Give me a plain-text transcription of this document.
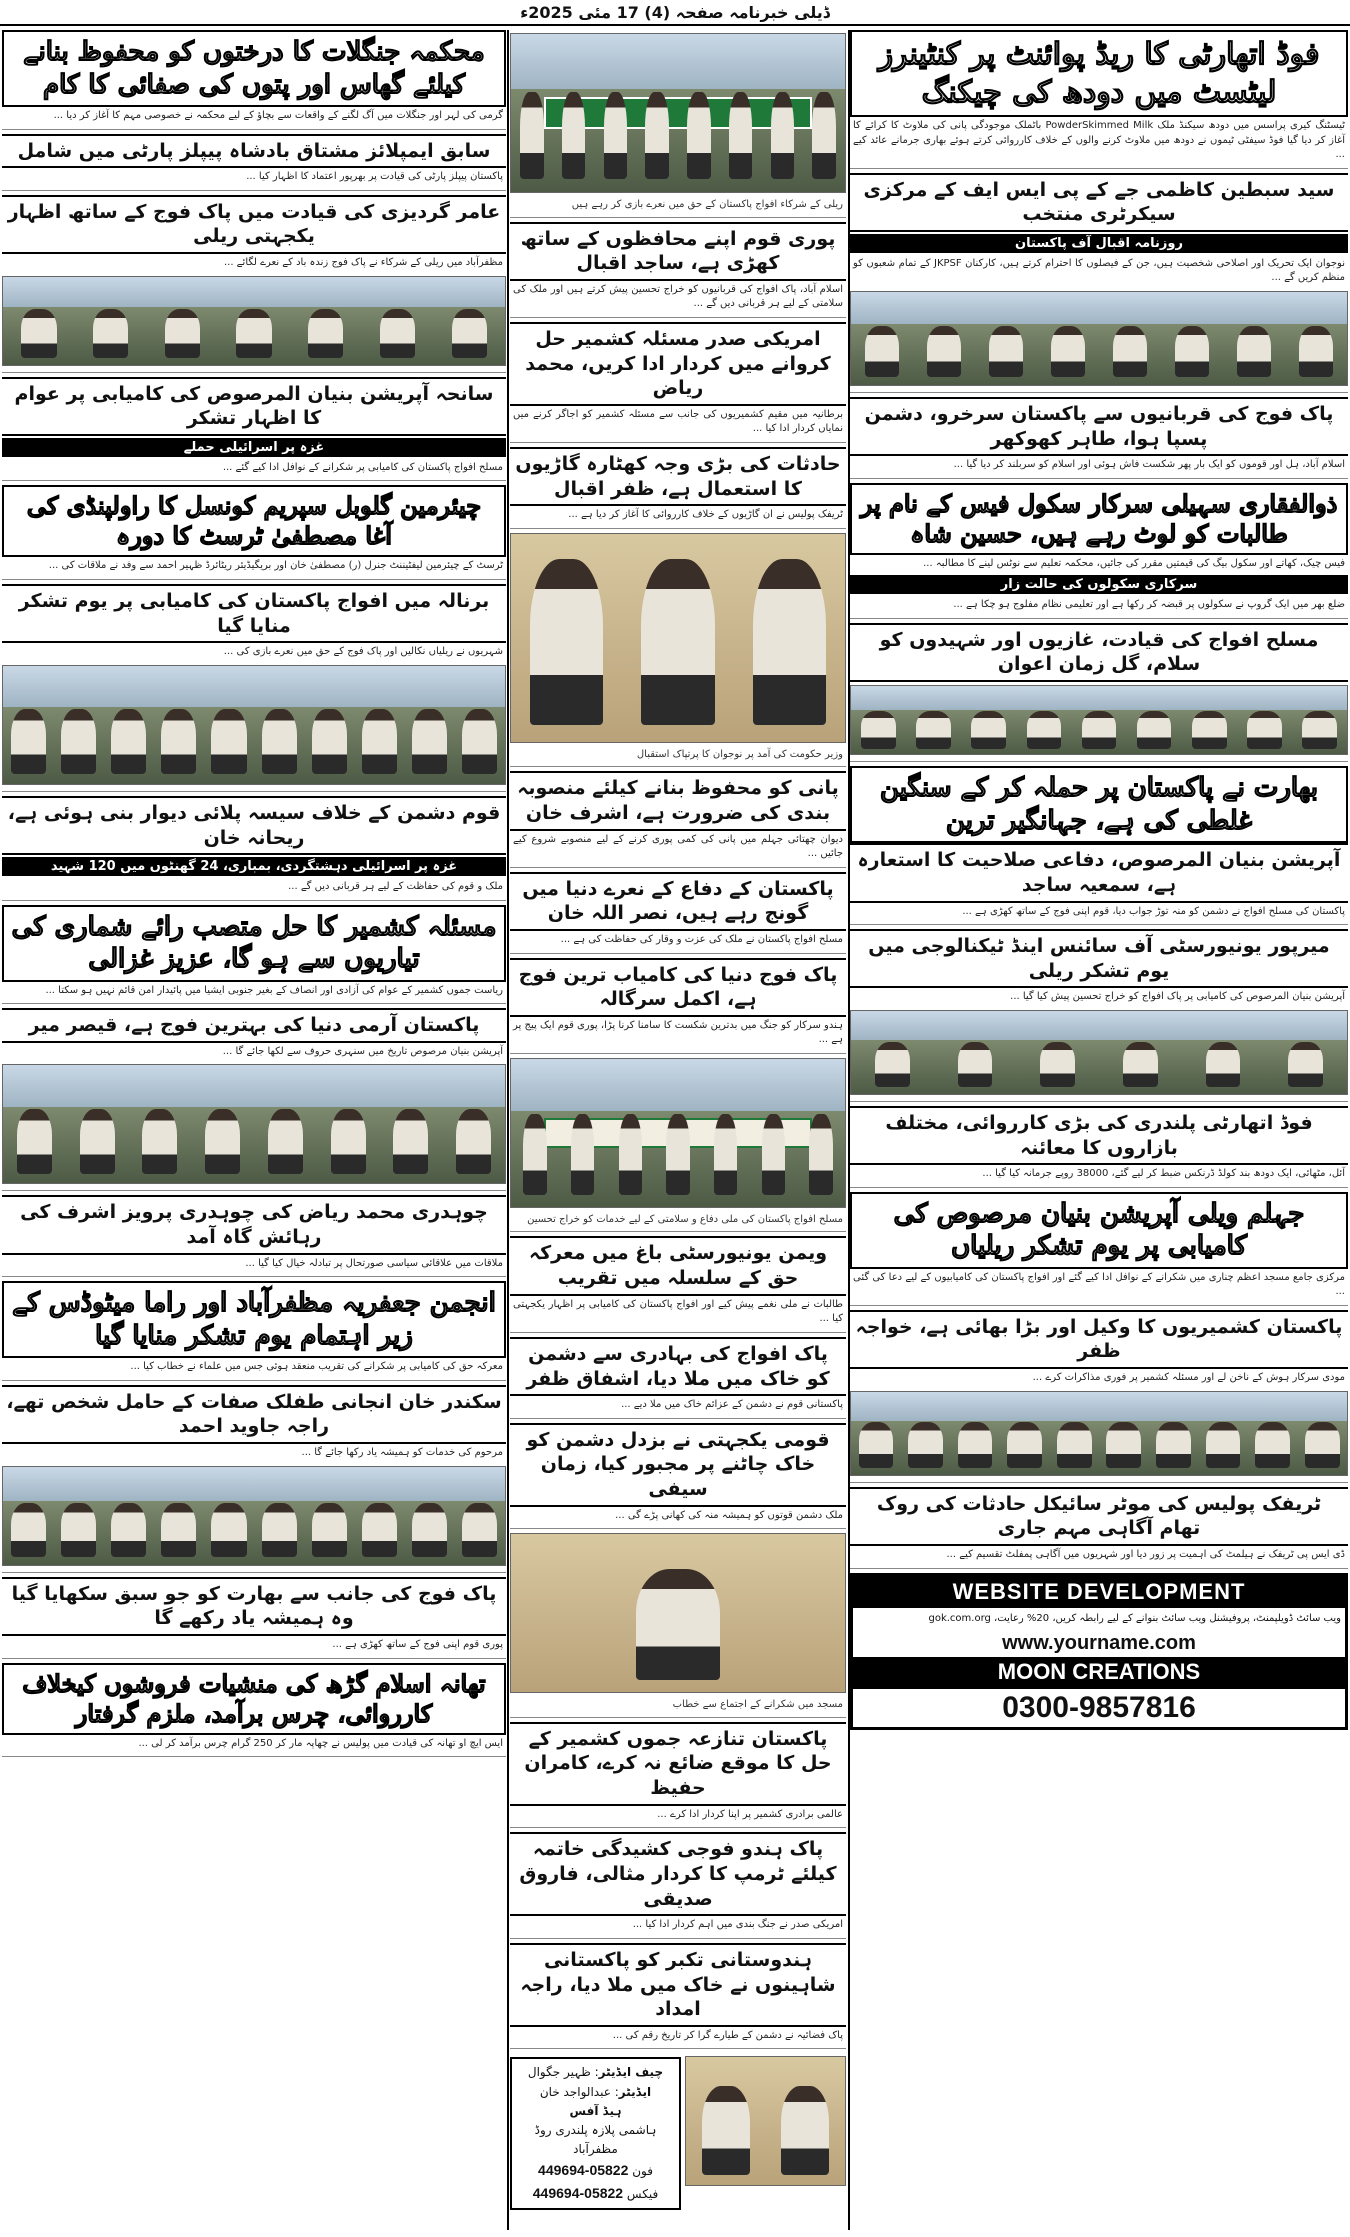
ڈیلی خبرنامہ صفحہ (4) 17 مئی 2025ء
فوڈ اتھارٹی کا ریڈ پوائنٹ پر کنٹینرز لیٹسٹ میں دودھ کی چیکنگ
ٹیسٹنگ کیری پراسس میں دودھ سیکنڈ ملک PowderSkimmed Milk باٹملک موجودگی پانی کی ملاوٹ کا کرائے کا آغاز کر دیا گیا فوڈ سیفٹی ٹیموں نے دودھ میں ملاوٹ کرنے والوں کے خلاف کارروائی کرتے ہوئے بھاری جرمانے عائد کیے ...
سید سبطین کاظمی جے کے پی ایس ایف کے مرکزی سیکرٹری منتخب
روزنامہ اقبال آف پاکستان
نوجوان ایک تحریک اور اصلاحی شخصیت ہیں، جن کے فیصلوں کا احترام کرتے ہیں، کارکنان JKPSF کے تمام شعبوں کو منظم کریں گے ...
پاک فوج کی قربانیوں سے پاکستان سرخرو، دشمن پسپا ہوا، طاہر کھوکھر
اسلام آباد، ہل اور قوموں کو ایک بار پھر شکست فاش ہوئی اور اسلام کو سربلند کر دیا گیا ...
ذوالفقاری سہیلی سرکار سکول فیس کے نام پر طالبات کو لوٹ رہے ہیں، حسین شاہ
فیس چیک، کھاتے اور سکول بیگ کی قیمتیں مقرر کی جائیں، محکمہ تعلیم سے نوٹس لینے کا مطالبہ ...
سرکاری سکولوں کی حالت زار
ضلع بھر میں ایک گروپ نے سکولوں پر قبضہ کر رکھا ہے اور تعلیمی نظام مفلوج ہو چکا ہے ...
مسلح افواج کی قیادت، غازیوں اور شہیدوں کو سلام، گل زمان اعوان
بھارت نے پاکستان پر حملہ کر کے سنگین غلطی کی ہے، جہانگیر ترین
آپریشن بنیان المرصوص، دفاعی صلاحیت کا استعارہ ہے، سمعیہ ساجد
پاکستان کی مسلح افواج نے دشمن کو منہ توڑ جواب دیا، قوم اپنی فوج کے ساتھ کھڑی ہے ...
میرپور یونیورسٹی آف سائنس اینڈ ٹیکنالوجی میں یوم تشکر ریلی
آپریشن بنیان المرصوص کی کامیابی پر پاک افواج کو خراج تحسین پیش کیا گیا ...
فوڈ اتھارٹی پلندری کی بڑی کارروائی، مختلف بازاروں کا معائنہ
آئل، مٹھائی، ایک دودھ بند کولڈ ڈرنکس ضبط کر لیے گئے، 38000 روپے جرمانہ کیا گیا ...
جہلم ویلی آپریشن بنیان مرصوص کی کامیابی پر یوم تشکر ریلیاں
مرکزی جامع مسجد اعظم چناری میں شکرانے کے نوافل ادا کیے گئے اور افواج پاکستان کی کامیابیوں کے لیے دعا کی گئی ...
پاکستان کشمیریوں کا وکیل اور بڑا بھائی ہے، خواجہ ظفر
مودی سرکار ہوش کے ناخن لے اور مسئلہ کشمیر پر فوری مذاکرات کرے ...
ٹریفک پولیس کی موٹر سائیکل حادثات کی روک تھام آگاہی مہم جاری
ڈی ایس پی ٹریفک نے ہیلمٹ کی اہمیت پر زور دیا اور شہریوں میں آگاہی پمفلٹ تقسیم کیے ...
WEBSITE DEVELOPMENT
ویب سائٹ ڈویلپمنٹ، پروفیشنل ویب سائٹ بنوانے کے لیے رابطہ کریں، 20% رعایت، gok.com.org
www.yourname.com
MOON CREATIONS
0300-9857816
ریلی کے شرکاء افواج پاکستان کے حق میں نعرے بازی کر رہے ہیں
پوری قوم اپنے محافظوں کے ساتھ کھڑی ہے، ساجد اقبال
اسلام آباد، پاک افواج کی قربانیوں کو خراج تحسین پیش کرتے ہیں اور ملک کی سلامتی کے لیے ہر قربانی دیں گے ...
امریکی صدر مسئلہ کشمیر حل کروانے میں کردار ادا کریں، محمد ریاض
برطانیہ میں مقیم کشمیریوں کی جانب سے مسئلہ کشمیر کو اجاگر کرنے میں نمایاں کردار ادا کیا ...
حادثات کی بڑی وجہ کھٹارہ گاڑیوں کا استعمال ہے، ظفر اقبال
ٹریفک پولیس نے ان گاڑیوں کے خلاف کارروائی کا آغاز کر دیا ہے ...
وزیر حکومت کی آمد پر نوجوان کا پرتپاک استقبال
پانی کو محفوظ بنانے کیلئے منصوبہ بندی کی ضرورت ہے، اشرف خان
دیوان چھتائی جہلم میں پانی کی کمی پوری کرنے کے لیے منصوبے شروع کیے جائیں ...
پاکستان کے دفاع کے نعرے دنیا میں گونج رہے ہیں، نصر اللہ خان
مسلح افواج پاکستان نے ملک کی عزت و وقار کی حفاظت کی ہے ...
پاک فوج دنیا کی کامیاب ترین فوج ہے، اکمل سرگالہ
ہندو سرکار کو جنگ میں بدترین شکست کا سامنا کرنا پڑا، پوری قوم ایک پیج پر ہے ...
مسلح افواج پاکستان کی ملی دفاع و سلامتی کے لیے خدمات کو خراج تحسین
ویمن یونیورسٹی باغ میں معرکہ حق کے سلسلہ میں تقریب
طالبات نے ملی نغمے پیش کیے اور افواج پاکستان کی کامیابی پر اظہار یکجہتی کیا ...
پاک افواج کی بہادری سے دشمن کو خاک میں ملا دیا، اشفاق ظفر
پاکستانی قوم نے دشمن کے عزائم خاک میں ملا دیے ...
قومی یکجہتی نے بزدل دشمن کو خاک چاٹنے پر مجبور کیا، زمان سیفی
ملک دشمن قوتوں کو ہمیشہ منہ کی کھانی پڑے گی ...
مسجد میں شکرانے کے اجتماع سے خطاب
پاکستان تنازعہ جموں کشمیر کے حل کا موقع ضائع نہ کرے، کامران حفیظ
عالمی برادری کشمیر پر اپنا کردار ادا کرے ...
پاک ہندو فوجی کشیدگی خاتمہ کیلئے ٹرمپ کا کردار مثالی، فاروق صدیقی
امریکی صدر نے جنگ بندی میں اہم کردار ادا کیا ...
ہندوستانی تکبر کو پاکستانی شاہینوں نے خاک میں ملا دیا، راجہ امداد
پاک فضائیہ نے دشمن کے طیارے گرا کر تاریخ رقم کی ...
چیف ایڈیٹر: ظہیر جگوال
ایڈیٹر: عبدالواجد خان
ہیڈ آفس
ہاشمی پلازہ پلندری روڈ مظفرآباد
فون 05822-449694
فیکس 05822-449694
محکمہ جنگلات کا درختوں کو محفوظ بنانے کیلئے گھاس اور پتوں کی صفائی کا کام
گرمی کی لہر اور جنگلات میں آگ لگنے کے واقعات سے بچاؤ کے لیے محکمہ نے خصوصی مہم کا آغاز کر دیا ...
سابق ایمپلائز مشتاق بادشاہ پیپلز پارٹی میں شامل
پاکستان پیپلز پارٹی کی قیادت پر بھرپور اعتماد کا اظہار کیا ...
عامر گردیزی کی قیادت میں پاک فوج کے ساتھ اظہار یکجہتی ریلی
مظفرآباد میں ریلی کے شرکاء نے پاک فوج زندہ باد کے نعرے لگائے ...
سانحہ آپریشن بنیان المرصوص کی کامیابی پر عوام کا اظہار تشکر
غزہ پر اسرائیلی حملے
مسلح افواج پاکستان کی کامیابی پر شکرانے کے نوافل ادا کیے گئے ...
چیئرمین گلوبل سپریم کونسل کا راولپنڈی کی آغا مصطفیٰ ٹرسٹ کا دورہ
ٹرسٹ کے چیئرمین لیفٹیننٹ جنرل (ر) مصطفیٰ خان اور بریگیڈیئر ریٹائرڈ ظہیر احمد سے وفد نے ملاقات کی ...
برنالہ میں افواج پاکستان کی کامیابی پر یوم تشکر منایا گیا
شہریوں نے ریلیاں نکالیں اور پاک فوج کے حق میں نعرے بازی کی ...
قوم دشمن کے خلاف سیسہ پلائی دیوار بنی ہوئی ہے، ریحانہ خان
غزہ پر اسرائیلی دہشتگردی، بمباری، 24 گھنٹوں میں 120 شہید
ملک و قوم کی حفاظت کے لیے ہر قربانی دیں گے ...
مسئلہ کشمیر کا حل متصب رائے شماری کی تیاریوں سے ہو گا، عزیز غزالی
ریاست جموں کشمیر کے عوام کی آزادی اور انصاف کے بغیر جنوبی ایشیا میں پائیدار امن قائم نہیں ہو سکتا ...
پاکستان آرمی دنیا کی بہترین فوج ہے، قیصر میر
آپریشن بنیان مرصوص تاریخ میں سنہری حروف سے لکھا جائے گا ...
چوہدری محمد ریاض کی چوہدری پرویز اشرف کی رہائش گاہ آمد
ملاقات میں علاقائی سیاسی صورتحال پر تبادلہ خیال کیا گیا ...
انجمن جعفریہ مظفرآباد اور راما میٹوڈس کے زیر اہتمام یوم تشکر منایا گیا
معرکہ حق کی کامیابی پر شکرانے کی تقریب منعقد ہوئی جس میں علماء نے خطاب کیا ...
سکندر خان انجانی طفلک صفات کے حامل شخص تھے، راجہ جاوید احمد
مرحوم کی خدمات کو ہمیشہ یاد رکھا جائے گا ...
پاک فوج کی جانب سے بھارت کو جو سبق سکھایا گیا وہ ہمیشہ یاد رکھے گا
پوری قوم اپنی فوج کے ساتھ کھڑی ہے ...
تھانہ اسلام گڑھ کی منشیات فروشوں کیخلاف کارروائی، چرس برآمد، ملزم گرفتار
ایس ایچ او تھانہ کی قیادت میں پولیس نے چھاپہ مار کر 250 گرام چرس برآمد کر لی ...
